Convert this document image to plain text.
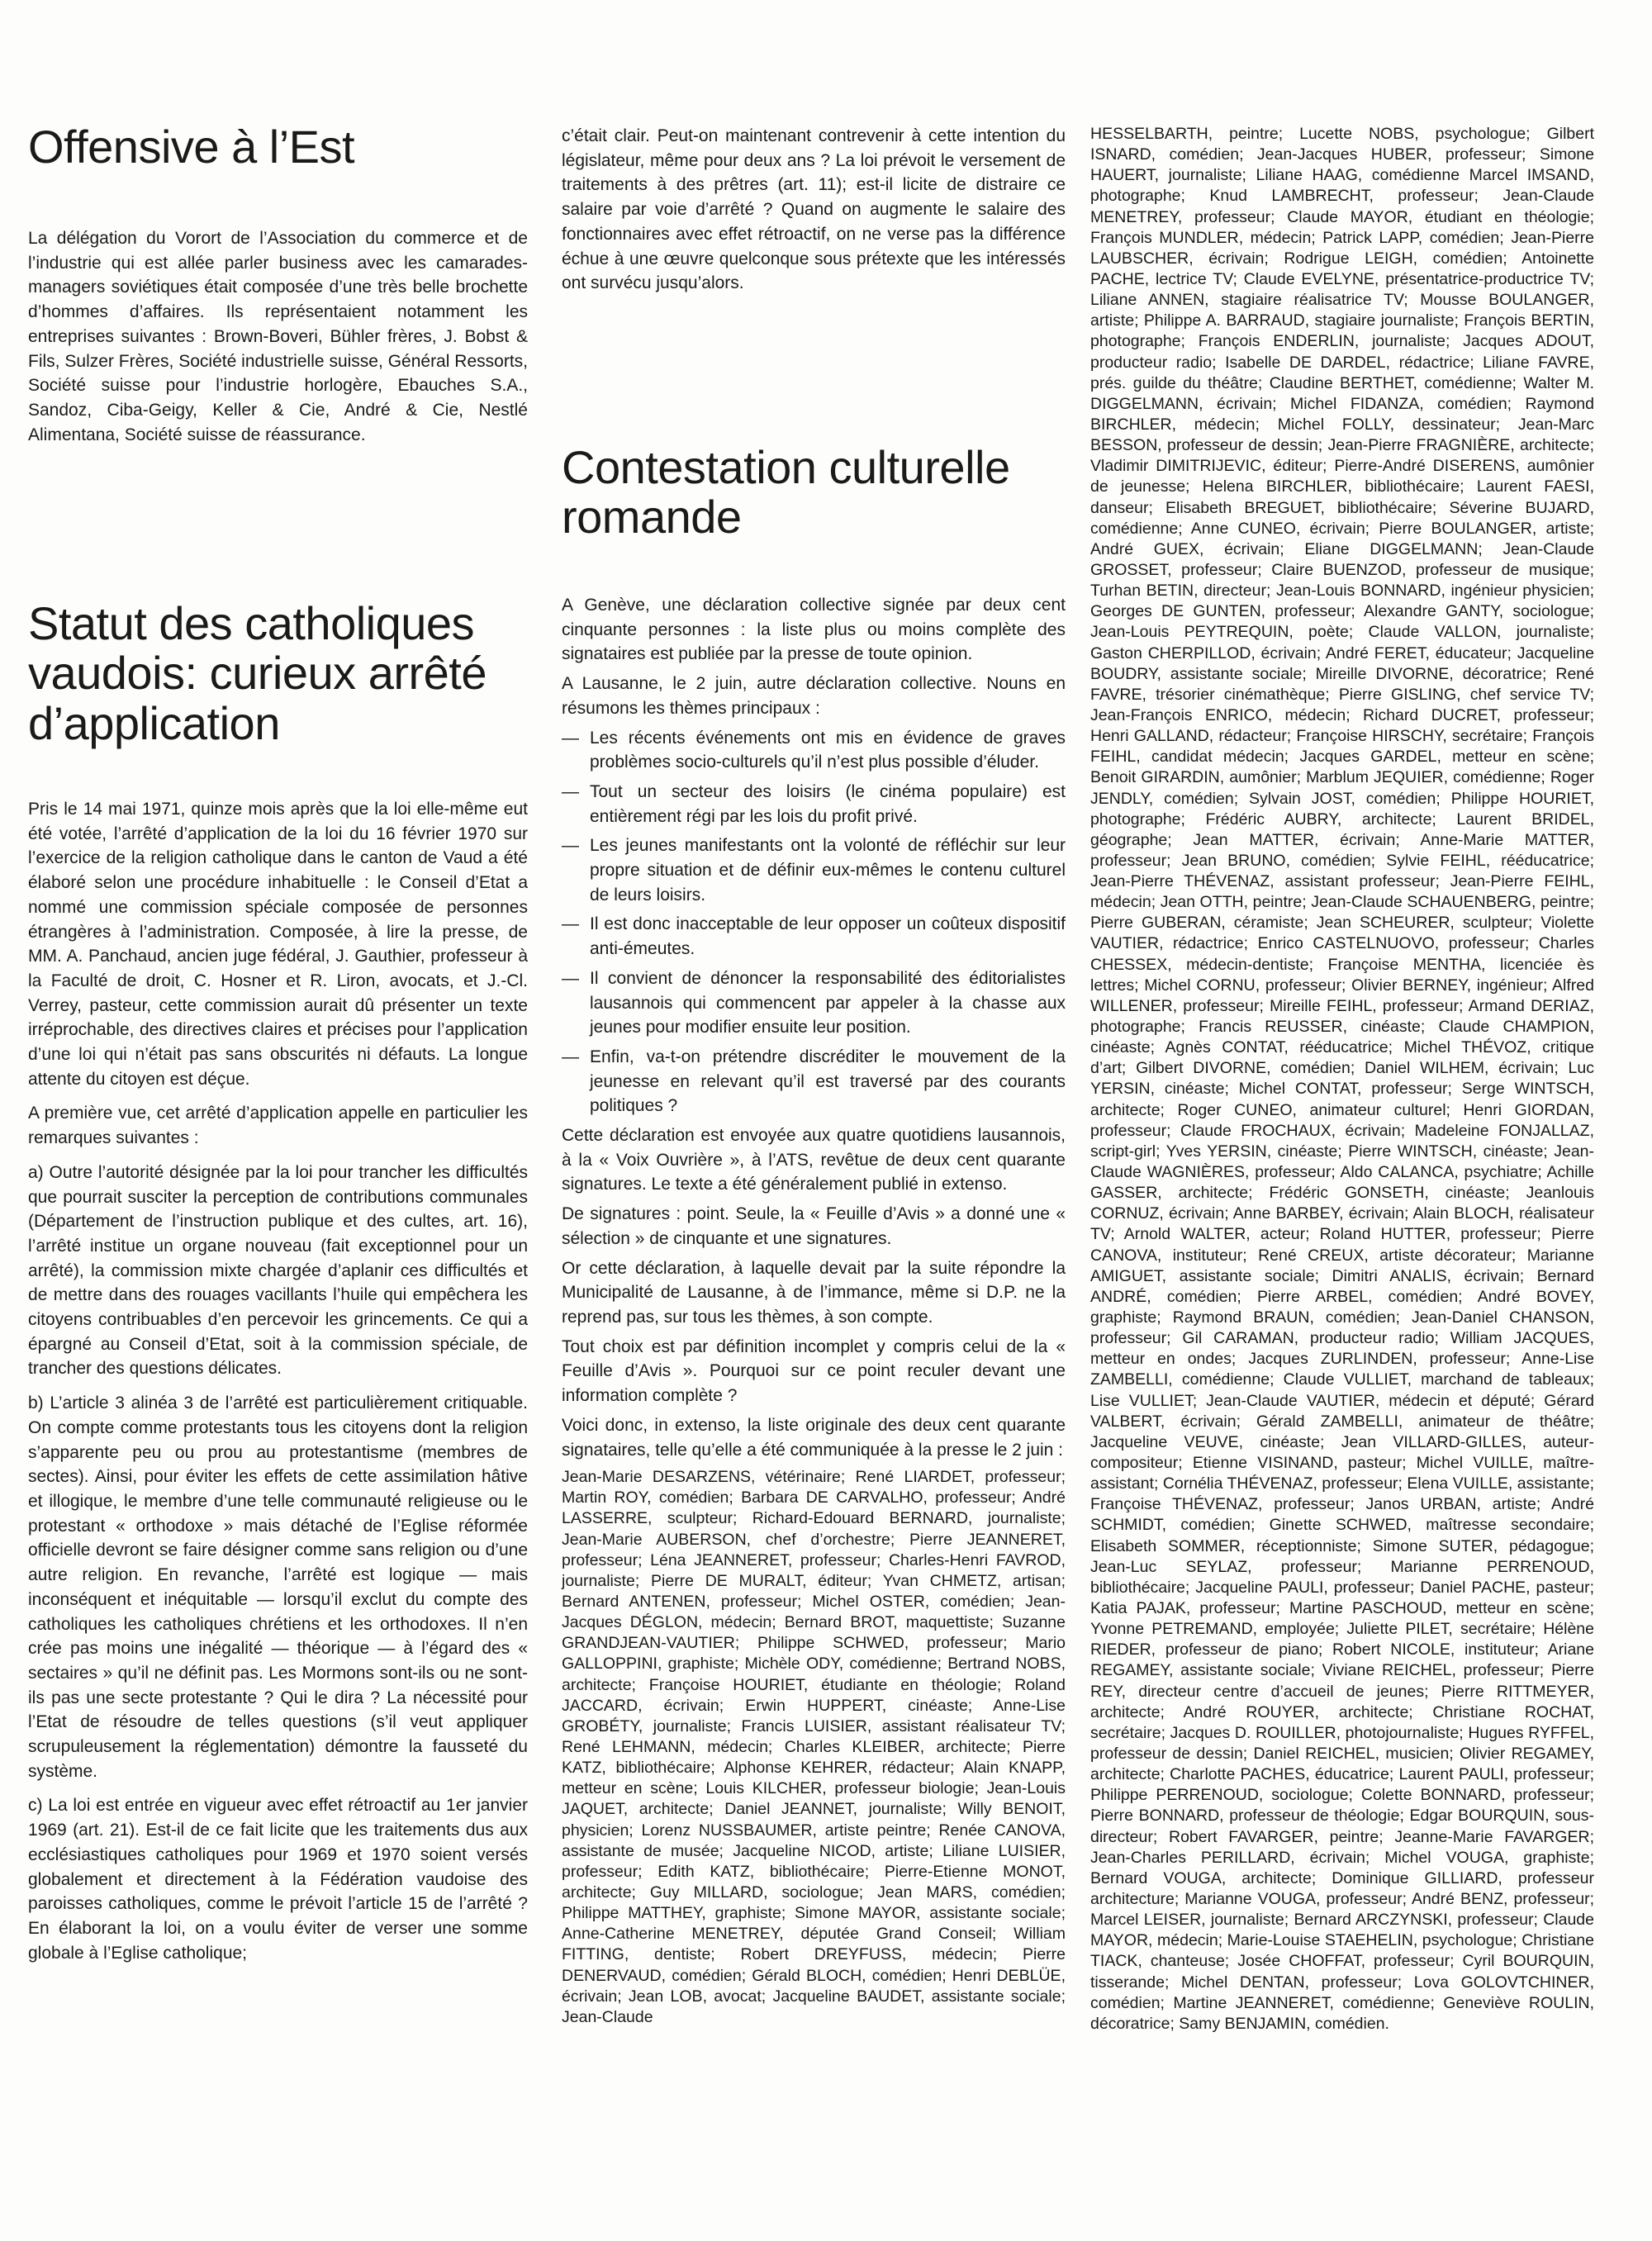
Offensive à l’Est

La délégation du Vorort de l’Association du commerce et de l’industrie qui est allée parler business avec les camarades-managers soviétiques était composée d’une très belle brochette d’hommes d’affaires. Ils représentaient notamment les entreprises suivantes : Brown-Boveri, Bühler frères, J. Bobst & Fils, Sulzer Frères, Société industrielle suisse, Général Ressorts, Société suisse pour l’industrie horlogère, Ebauches S.A., Sandoz, Ciba-Geigy, Keller & Cie, André & Cie, Nestlé Alimentana, Société suisse de réassurance.

Statut des catholiques vaudois: curieux arrêté d’application

Pris le 14 mai 1971, quinze mois après que la loi elle-même eut été votée, l’arrêté d’application de la loi du 16 février 1970 sur l’exercice de la religion catholique dans le canton de Vaud a été élaboré selon une procédure inhabituelle : le Conseil d’Etat a nommé une commission spéciale composée de personnes étrangères à l’administration. Composée, à lire la presse, de MM. A. Panchaud, ancien juge fédéral, J. Gauthier, professeur à la Faculté de droit, C. Hosner et R. Liron, avocats, et J.-Cl. Verrey, pasteur, cette commission aurait dû présenter un texte irréprochable, des directives claires et précises pour l’application d’une loi qui n’était pas sans obscurités ni défauts. La longue attente du citoyen est déçue.

A première vue, cet arrêté d’application appelle en particulier les remarques suivantes :

a) Outre l’autorité désignée par la loi pour trancher les difficultés que pourrait susciter la perception de contributions communales (Département de l’instruction publique et des cultes, art. 16), l’arrêté institue un organe nouveau (fait exceptionnel pour un arrêté), la commission mixte chargée d’aplanir ces difficultés et de mettre dans des rouages vacillants l’huile qui empêchera les citoyens contribuables d’en percevoir les grincements. Ce qui a épargné au Conseil d’Etat, soit à la commission spéciale, de trancher des questions délicates.

b) L’article 3 alinéa 3 de l’arrêté est particulièrement critiquable. On compte comme protestants tous les citoyens dont la religion s’apparente peu ou prou au protestantisme (membres de sectes). Ainsi, pour éviter les effets de cette assimilation hâtive et illogique, le membre d’une telle communauté religieuse ou le protestant « orthodoxe » mais détaché de l’Eglise réformée officielle devront se faire désigner comme sans religion ou d’une autre religion. En revanche, l’arrêté est logique — mais inconséquent et inéquitable — lorsqu’il exclut du compte des catholiques les catholiques chrétiens et les orthodoxes. Il n’en crée pas moins une inégalité — théorique — à l’égard des « sectaires » qu’il ne définit pas. Les Mormons sont-ils ou ne sont-ils pas une secte protestante ? Qui le dira ? La nécessité pour l’Etat de résoudre de telles questions (s’il veut appliquer scrupuleusement la réglementation) démontre la fausseté du système.

c) La loi est entrée en vigueur avec effet rétroactif au 1er janvier 1969 (art. 21). Est-il de ce fait licite que les traitements dus aux ecclésiastiques catholiques pour 1969 et 1970 soient versés globalement et directement à la Fédération vaudoise des paroisses catholiques, comme le prévoit l’article 15 de l’arrêté ? En élaborant la loi, on a voulu éviter de verser une somme globale à l’Eglise catholique;

c’était clair. Peut-on maintenant contrevenir à cette intention du législateur, même pour deux ans ? La loi prévoit le versement de traitements à des prêtres (art. 11); est-il licite de distraire ce salaire par voie d’arrêté ? Quand on augmente le salaire des fonctionnaires avec effet rétroactif, on ne verse pas la différence échue à une œuvre quelconque sous prétexte que les intéressés ont survécu jusqu’alors.

Contestation culturelle romande

A Genève, une déclaration collective signée par deux cent cinquante personnes : la liste plus ou moins complète des signataires est publiée par la presse de toute opinion.

A Lausanne, le 2 juin, autre déclaration collective. Nouns en résumons les thèmes principaux :

— Les récents événements ont mis en évidence de graves problèmes socio-culturels qu’il n’est plus possible d’éluder.
— Tout un secteur des loisirs (le cinéma populaire) est entièrement régi par les lois du profit privé.
— Les jeunes manifestants ont la volonté de réfléchir sur leur propre situation et de définir eux-mêmes le contenu culturel de leurs loisirs.
— Il est donc inacceptable de leur opposer un coûteux dispositif anti-émeutes.
— Il convient de dénoncer la responsabilité des éditorialistes lausannois qui commencent par appeler à la chasse aux jeunes pour modifier ensuite leur position.
— Enfin, va-t-on prétendre discréditer le mouvement de la jeunesse en relevant qu’il est traversé par des courants politiques ?

Cette déclaration est envoyée aux quatre quotidiens lausannois, à la « Voix Ouvrière », à l’ATS, revêtue de deux cent quarante signatures. Le texte a été généralement publié in extenso.

De signatures : point. Seule, la « Feuille d’Avis » a donné une « sélection » de cinquante et une signatures.

Or cette déclaration, à laquelle devait par la suite répondre la Municipalité de Lausanne, à de l’immance, même si D.P. ne la reprend pas, sur tous les thèmes, à son compte.

Tout choix est par définition incomplet y compris celui de la « Feuille d’Avis ». Pourquoi sur ce point reculer devant une information complète ?

Voici donc, in extenso, la liste originale des deux cent quarante signataires, telle qu’elle a été communiquée à la presse le 2 juin :

Jean-Marie DESARZENS, vétérinaire; René LIARDET, professeur; Martin ROY, comédien; Barbara DE CARVALHO, professeur; André LASSERRE, sculpteur; Richard-Edouard BERNARD, journaliste; Jean-Marie AUBERSON, chef d’orchestre; Pierre JEANNERET, professeur; Léna JEANNERET, professeur; Charles-Henri FAVROD, journaliste; Pierre DE MURALT, éditeur; Yvan CHMETZ, artisan; Bernard ANTENEN, professeur; Michel OSTER, comédien; Jean-Jacques DÉGLON, médecin; Bernard BROT, maquettiste; Suzanne GRANDJEAN-VAUTIER; Philippe SCHWED, professeur; Mario GALLOPPINI, graphiste; Michèle ODY, comédienne; Bertrand NOBS, architecte; Françoise HOURIET, étudiante en théologie; Roland JACCARD, écrivain; Erwin HUPPERT, cinéaste; Anne-Lise GROBÉTY, journaliste; Francis LUISIER, assistant réalisateur TV; René LEHMANN, médecin; Charles KLEIBER, architecte; Pierre KATZ, bibliothécaire; Alphonse KEHRER, rédacteur; Alain KNAPP, metteur en scène; Louis KILCHER, professeur biologie; Jean-Louis JAQUET, architecte; Daniel JEANNET, journaliste; Willy BENOIT, physicien; Lorenz NUSSBAUMER, artiste peintre; Renée CANOVA, assistante de musée; Jacqueline NICOD, artiste; Liliane LUISIER, professeur; Edith KATZ, bibliothécaire; Pierre-Etienne MONOT, architecte; Guy MILLARD, sociologue; Jean MARS, comédien; Philippe MATTHEY, graphiste; Simone MAYOR, assistante sociale; Anne-Catherine MENETREY, députée Grand Conseil; William FITTING, dentiste; Robert DREYFUSS, médecin; Pierre DENERVAUD, comédien; Gérald BLOCH, comédien; Henri DEBLÜE, écrivain; Jean LOB, avocat; Jacqueline BAUDET, assistante sociale; Jean-Claude

HESSELBARTH, peintre; Lucette NOBS, psychologue; Gilbert ISNARD, comédien; Jean-Jacques HUBER, professeur; Simone HAUERT, journaliste; Liliane HAAG, comédienne Marcel IMSAND, photographe; Knud LAMBRECHT, professeur; Jean-Claude MENETREY, professeur; Claude MAYOR, étudiant en théologie; François MUNDLER, médecin; Patrick LAPP, comédien; Jean-Pierre LAUBSCHER, écrivain; Rodrigue LEIGH, comédien; Antoinette PACHE, lectrice TV; Claude EVELYNE, présentatrice-productrice TV; Liliane ANNEN, stagiaire réalisatrice TV; Mousse BOULANGER, artiste; Philippe A. BARRAUD, stagiaire journaliste; François BERTIN, photographe; François ENDERLIN, journaliste; Jacques ADOUT, producteur radio; Isabelle DE DARDEL, rédactrice; Liliane FAVRE, prés. guilde du théâtre; Claudine BERTHET, comédienne; Walter M. DIGGELMANN, écrivain; Michel FIDANZA, comédien; Raymond BIRCHLER, médecin; Michel FOLLY, dessinateur; Jean-Marc BESSON, professeur de dessin; Jean-Pierre FRAGNIÈRE, architecte; Vladimir DIMITRIJEVIC, éditeur; Pierre-André DISERENS, aumônier de jeunesse; Helena BIRCHLER, bibliothécaire; Laurent FAESI, danseur; Elisabeth BREGUET, bibliothécaire; Séverine BUJARD, comédienne; Anne CUNEO, écrivain; Pierre BOULANGER, artiste; André GUEX, écrivain; Eliane DIGGELMANN; Jean-Claude GROSSET, professeur; Claire BUENZOD, professeur de musique; Turhan BETIN, directeur; Jean-Louis BONNARD, ingénieur physicien; Georges DE GUNTEN, professeur; Alexandre GANTY, sociologue; Jean-Louis PEYTREQUIN, poète; Claude VALLON, journaliste; Gaston CHERPILLOD, écrivain; André FERET, éducateur; Jacqueline BOUDRY, assistante sociale; Mireille DIVORNE, décoratrice; René FAVRE, trésorier cinémathèque; Pierre GISLING, chef service TV; Jean-François ENRICO, médecin; Richard DUCRET, professeur; Henri GALLAND, rédacteur; Françoise HIRSCHY, secrétaire; François FEIHL, candidat médecin; Jacques GARDEL, metteur en scène; Benoit GIRARDIN, aumônier; Marblum JEQUIER, comédienne; Roger JENDLY, comédien; Sylvain JOST, comédien; Philippe HOURIET, photographe; Frédéric AUBRY, architecte; Laurent BRIDEL, géographe; Jean MATTER, écrivain; Anne-Marie MATTER, professeur; Jean BRUNO, comédien; Sylvie FEIHL, rééducatrice; Jean-Pierre THÉVENAZ, assistant professeur; Jean-Pierre FEIHL, médecin; Jean OTTH, peintre; Jean-Claude SCHAUENBERG, peintre; Pierre GUBERAN, céramiste; Jean SCHEURER, sculpteur; Violette VAUTIER, rédactrice; Enrico CASTELNUOVO, professeur; Charles CHESSEX, médecin-dentiste; Françoise MENTHA, licenciée ès lettres; Michel CORNU, professeur; Olivier BERNEY, ingénieur; Alfred WILLENER, professeur; Mireille FEIHL, professeur; Armand DERIAZ, photographe; Francis REUSSER, cinéaste; Claude CHAMPION, cinéaste; Agnès CONTAT, rééducatrice; Michel THÉVOZ, critique d’art; Gilbert DIVORNE, comédien; Daniel WILHEM, écrivain; Luc YERSIN, cinéaste; Michel CONTAT, professeur; Serge WINTSCH, architecte; Roger CUNEO, animateur culturel; Henri GIORDAN, professeur; Claude FROCHAUX, écrivain; Madeleine FONJALLAZ, script-girl; Yves YERSIN, cinéaste; Pierre WINTSCH, cinéaste; Jean-Claude WAGNIÈRES, professeur; Aldo CALANCA, psychiatre; Achille GASSER, architecte; Frédéric GONSETH, cinéaste; Jeanlouis CORNUZ, écrivain; Anne BARBEY, écrivain; Alain BLOCH, réalisateur TV; Arnold WALTER, acteur; Roland HUTTER, professeur; Pierre CANOVA, instituteur; René CREUX, artiste décorateur; Marianne AMIGUET, assistante sociale; Dimitri ANALIS, écrivain; Bernard ANDRÉ, comédien; Pierre ARBEL, comédien; André BOVEY, graphiste; Raymond BRAUN, comédien; Jean-Daniel CHANSON, professeur; Gil CARAMAN, producteur radio; William JACQUES, metteur en ondes; Jacques ZURLINDEN, professeur; Anne-Lise ZAMBELLI, comédienne; Claude VULLIET, marchand de tableaux; Lise VULLIET; Jean-Claude VAUTIER, médecin et député; Gérard VALBERT, écrivain; Gérald ZAMBELLI, animateur de théâtre; Jacqueline VEUVE, cinéaste; Jean VILLARD-GILLES, auteur-compositeur; Etienne VISINAND, pasteur; Michel VUILLE, maître-assistant; Cornélia THÉVENAZ, professeur; Elena VUILLE, assistante; Françoise THÉVENAZ, professeur; Janos URBAN, artiste; André SCHMIDT, comédien; Ginette SCHWED, maîtresse secondaire; Elisabeth SOMMER, réceptionniste; Simone SUTER, pédagogue; Jean-Luc SEYLAZ, professeur; Marianne PERRENOUD, bibliothécaire; Jacqueline PAULI, professeur; Daniel PACHE, pasteur; Katia PAJAK, professeur; Martine PASCHOUD, metteur en scène; Yvonne PETREMAND, employée; Juliette PILET, secrétaire; Hélène RIEDER, professeur de piano; Robert NICOLE, instituteur; Ariane REGAMEY, assistante sociale; Viviane REICHEL, professeur; Pierre REY, directeur centre d’accueil de jeunes; Pierre RITTMEYER, architecte; André ROUYER, architecte; Christiane ROCHAT, secrétaire; Jacques D. ROUILLER, photojournaliste; Hugues RYFFEL, professeur de dessin; Daniel REICHEL, musicien; Olivier REGAMEY, architecte; Charlotte PACHES, éducatrice; Laurent PAULI, professeur; Philippe PERRENOUD, sociologue; Colette BONNARD, professeur; Pierre BONNARD, professeur de théologie; Edgar BOURQUIN, sous-directeur; Robert FAVARGER, peintre; Jeanne-Marie FAVARGER; Jean-Charles PERILLARD, écrivain; Michel VOUGA, graphiste; Bernard VOUGA, architecte; Dominique GILLIARD, professeur architecture; Marianne VOUGA, professeur; André BENZ, professeur; Marcel LEISER, journaliste; Bernard ARCZYNSKI, professeur; Claude MAYOR, médecin; Marie-Louise STAEHELIN, psychologue; Christiane TIACK, chanteuse; Josée CHOFFAT, professeur; Cyril BOURQUIN, tisserande; Michel DENTAN, professeur; Lova GOLOVTCHINER, comédien; Martine JEANNERET, comédienne; Geneviève ROULIN, décoratrice; Samy BENJAMIN, comédien.
